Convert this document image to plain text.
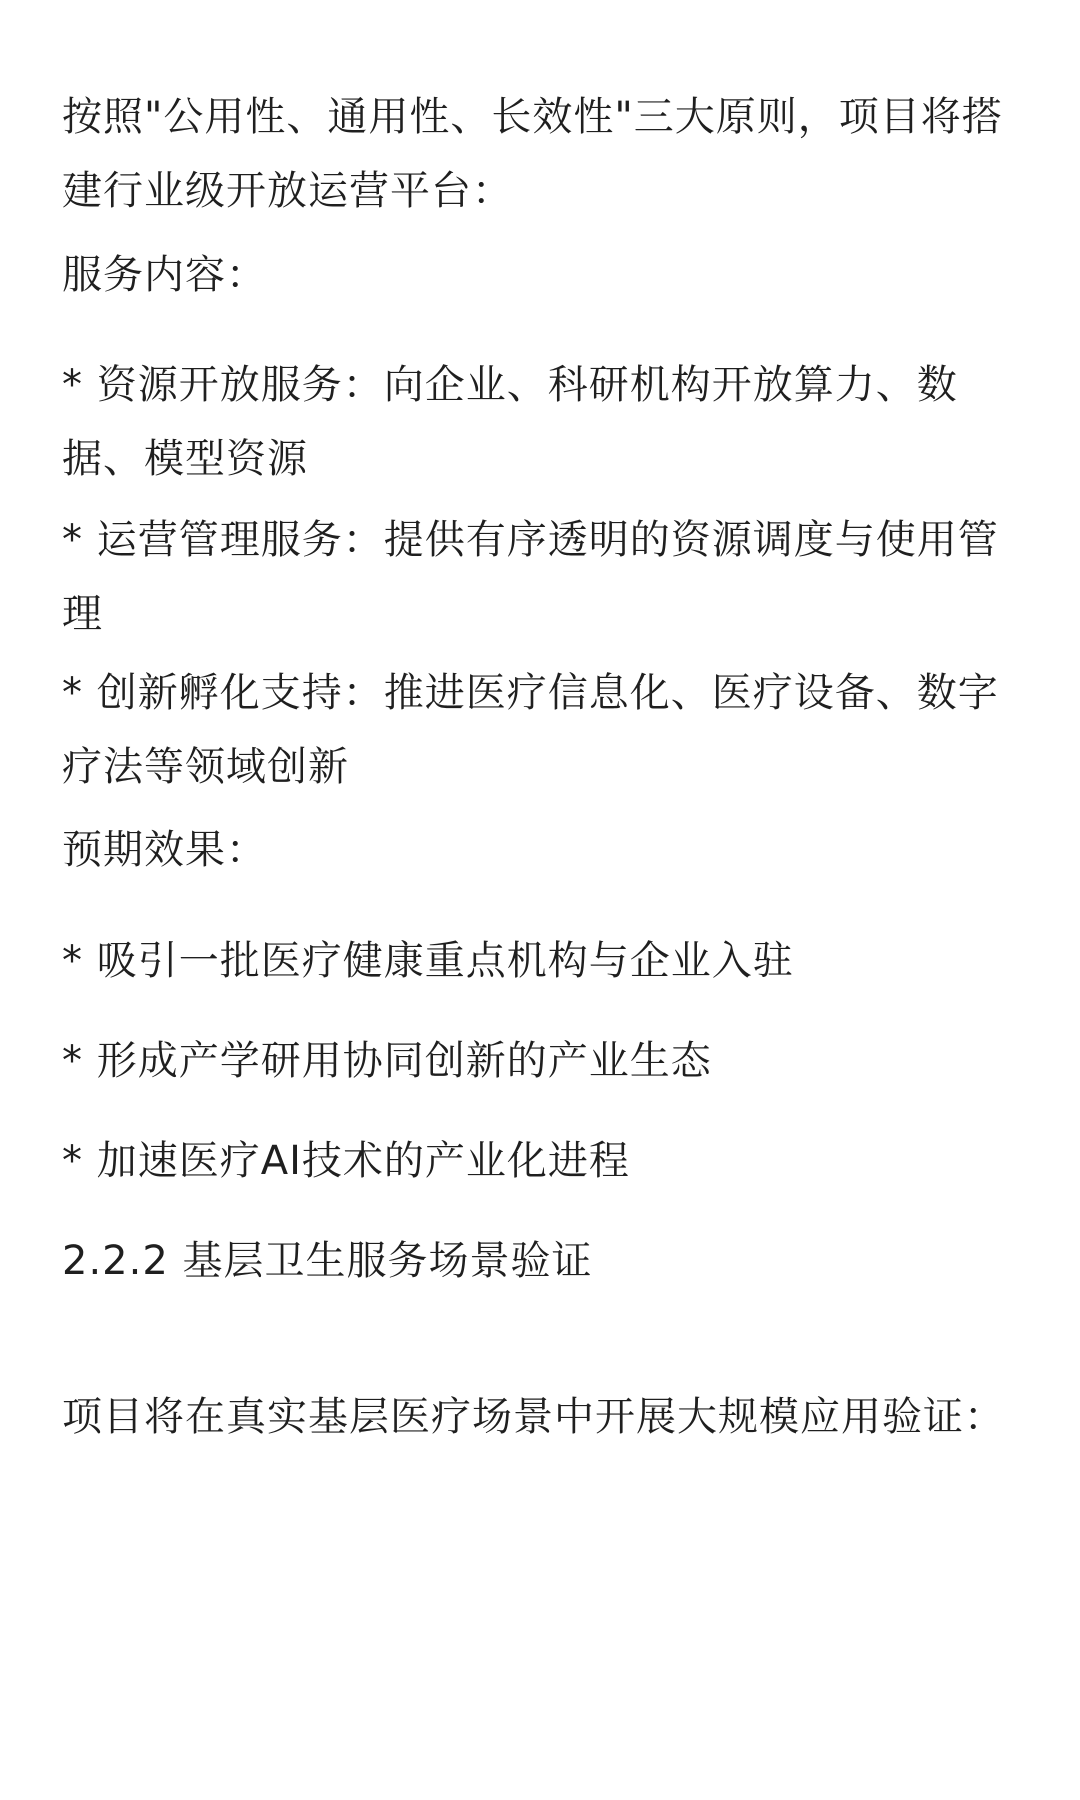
按照"公用性、通用性、长效性"三大原则，项目将搭建行业级开放运营平台：

服务内容：

* 资源开放服务：向企业、科研机构开放算力、数据、模型资源

* 运营管理服务：提供有序透明的资源调度与使用管理

* 创新孵化支持：推进医疗信息化、医疗设备、数字疗法等领域创新

预期效果：

* 吸引一批医疗健康重点机构与企业入驻

* 形成产学研用协同创新的产业生态

* 加速医疗AI技术的产业化进程

2.2.2 基层卫生服务场景验证

项目将在真实基层医疗场景中开展大规模应用验证：
